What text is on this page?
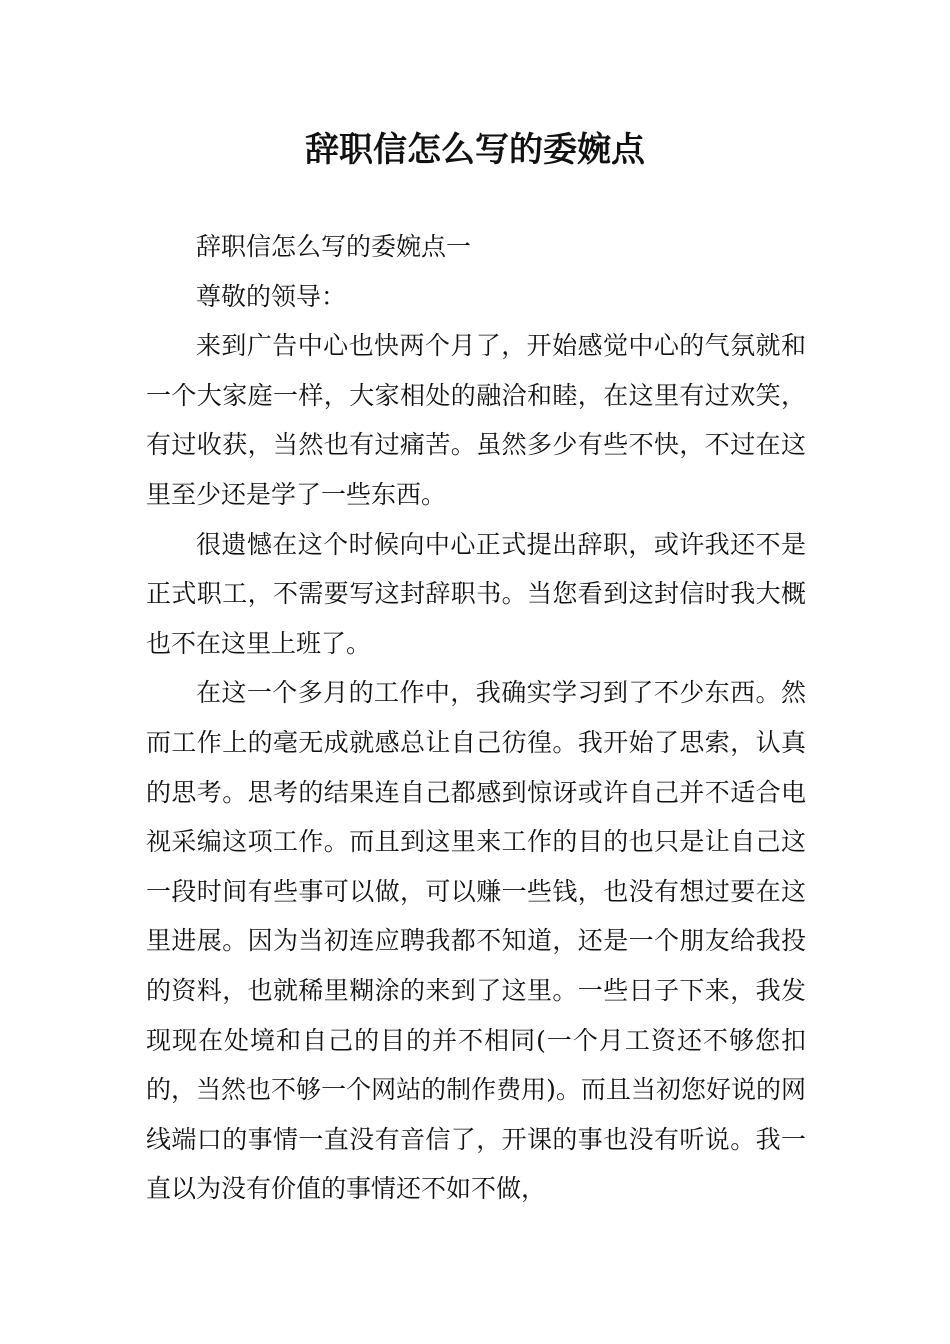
辞职信怎么写的委婉点

辞职信怎么写的委婉点一

尊敬的领导：

来到广告中心也快两个月了，开始感觉中心的气氛就和一个大家庭一样，大家相处的融洽和睦，在这里有过欢笑，有过收获，当然也有过痛苦。虽然多少有些不快，不过在这里至少还是学了一些东西。

很遗憾在这个时候向中心正式提出辞职，或许我还不是正式职工，不需要写这封辞职书。当您看到这封信时我大概也不在这里上班了。

在这一个多月的工作中，我确实学习到了不少东西。然而工作上的毫无成就感总让自己彷徨。我开始了思索，认真的思考。思考的结果连自己都感到惊讶或许自己并不适合电视采编这项工作。而且到这里来工作的目的也只是让自己这一段时间有些事可以做，可以赚一些钱，也没有想过要在这里进展。因为当初连应聘我都不知道，还是一个朋友给我投的资料，也就稀里糊涂的来到了这里。一些日子下来，我发现现在处境和自己的目的并不相同(一个月工资还不够您扣的，当然也不够一个网站的制作费用)。而且当初您好说的网线端口的事情一直没有音信了，开课的事也没有听说。我一直以为没有价值的事情还不如不做，
